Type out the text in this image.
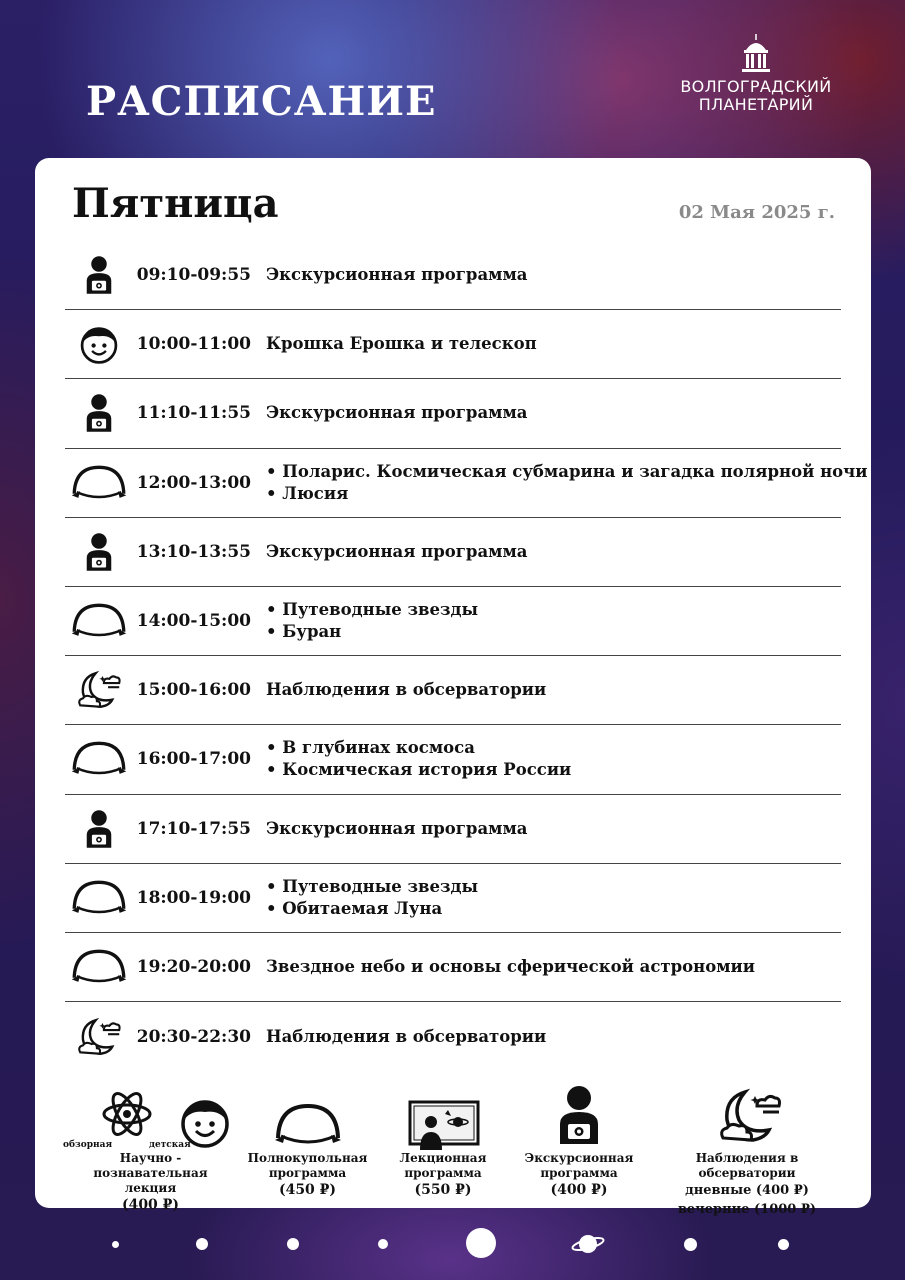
РАСПИСАНИЕ	ВОЛГОГРАДСКИЙ
ПЛАНЕТАРИЙ
Пятница	02 Мая 2025 г.
09:10-09:55 Экскурсионная программа
10:00-11:00 Крошка Ерошка и телескоп
11:10-11:55 Экскурсионная программа
12:00-13:00
• Поларис. Космическая субмарина и загадка полярной ночи
• Люсия
13:10-13:55 Экскурсионная программа
14:00-15:00
• Путеводные звезды
• Буран
15:00-16:00 Наблюдения в обсерватории
16:00-17:00
• В глубинах космоса
• Космическая история России
17:10-17:55 Экскурсионная программа
18:00-19:00
• Путеводные звезды
• Обитаемая Луна
19:20-20:00 Звездное небо и основы сферической астрономии
20:30-22:30 Наблюдения в обсерватории
обзорная	детская
Научно - познавательная
лекция
(400 ₽)
Полнокупольная
программа
(450 ₽)
Лекционная
программа
(550 ₽)
Экскурсионная
программа
(400 ₽)
Наблюдения в обсерватории
дневные (400 ₽)
вечерние (1000 ₽)
